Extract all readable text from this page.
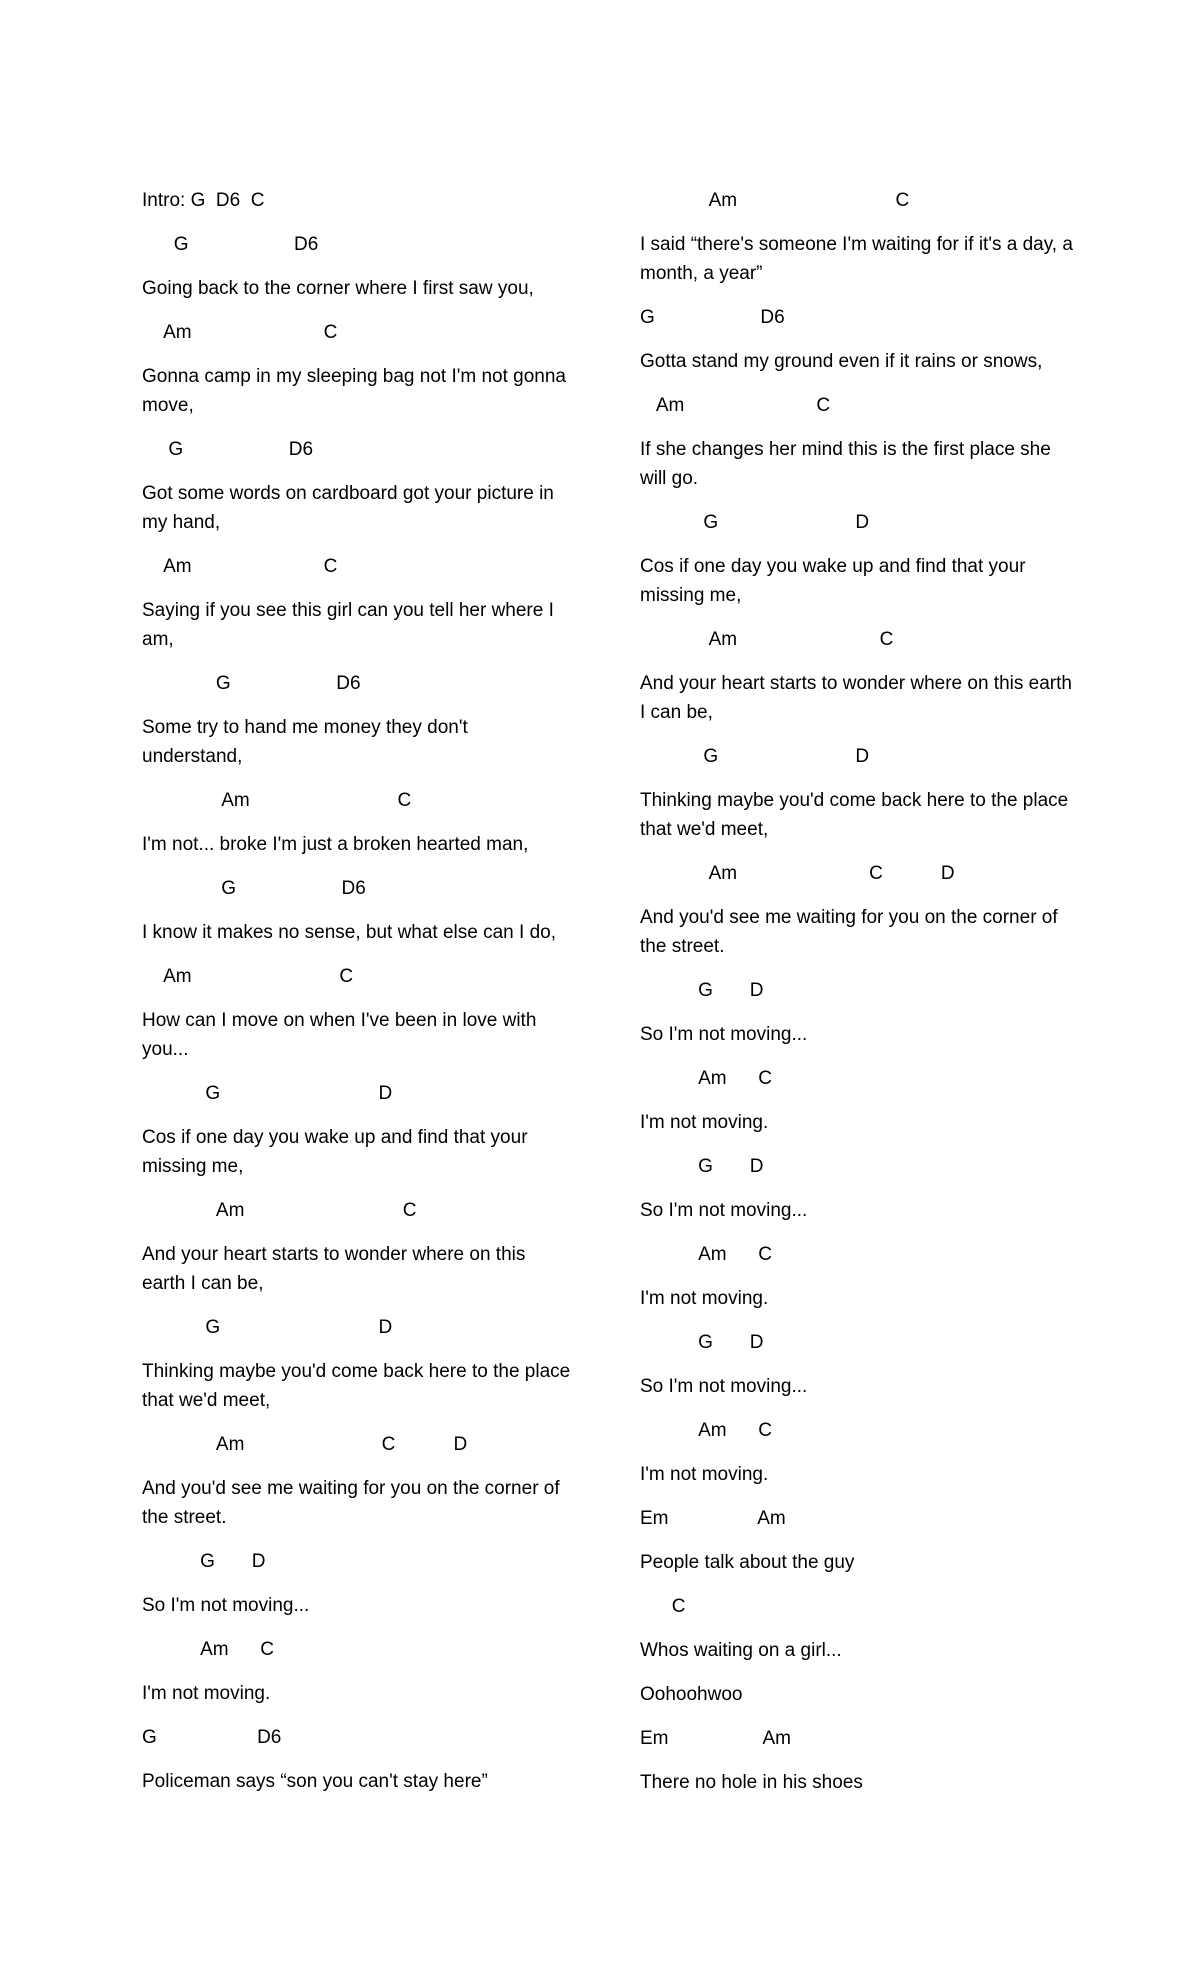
Intro: G  D6  C

G                    D6

Going back to the corner where I first saw you,

Am                         C

Gonna camp in my sleeping bag not I'm not gonna move,

G                    D6

Got some words on cardboard got your picture in my hand,

Am                         C

Saying if you see this girl can you tell her where I am,

G                    D6

Some try to hand me money they don't understand,

Am                            C

I'm not... broke I'm just a broken hearted man,

G                    D6

I know it makes no sense, but what else can I do,

Am                            C

How can I move on when I've been in love with you...

G                              D

Cos if one day you wake up and find that your missing me,

Am                              C

And your heart starts to wonder where on this earth I can be,

G                              D

Thinking maybe you'd come back here to the place that we'd meet,

Am                          C           D

And you'd see me waiting for you on the corner of the street.

G       D

So I'm not moving...

Am      C

I'm not moving.

G                   D6

Policeman says “son you can't stay here”

Am                              C

I said “there's someone I'm waiting for if it's a day, a month, a year”

G                    D6

Gotta stand my ground even if it rains or snows,

Am                         C

If she changes her mind this is the first place she will go.

G                          D

Cos if one day you wake up and find that your missing me,

Am                           C

And your heart starts to wonder where on this earth I can be,

G                          D

Thinking maybe you'd come back here to the place that we'd meet,

Am                         C           D

And you'd see me waiting for you on the corner of the street.

G       D

So I'm not moving...

Am      C

I'm not moving.

G       D

So I'm not moving...

Am      C

I'm not moving.

G       D

So I'm not moving...

Am      C

I'm not moving.

Em                 Am

People talk about the guy

C

Whos waiting on a girl...

Oohoohwoo

Em                  Am

There no hole in his shoes
